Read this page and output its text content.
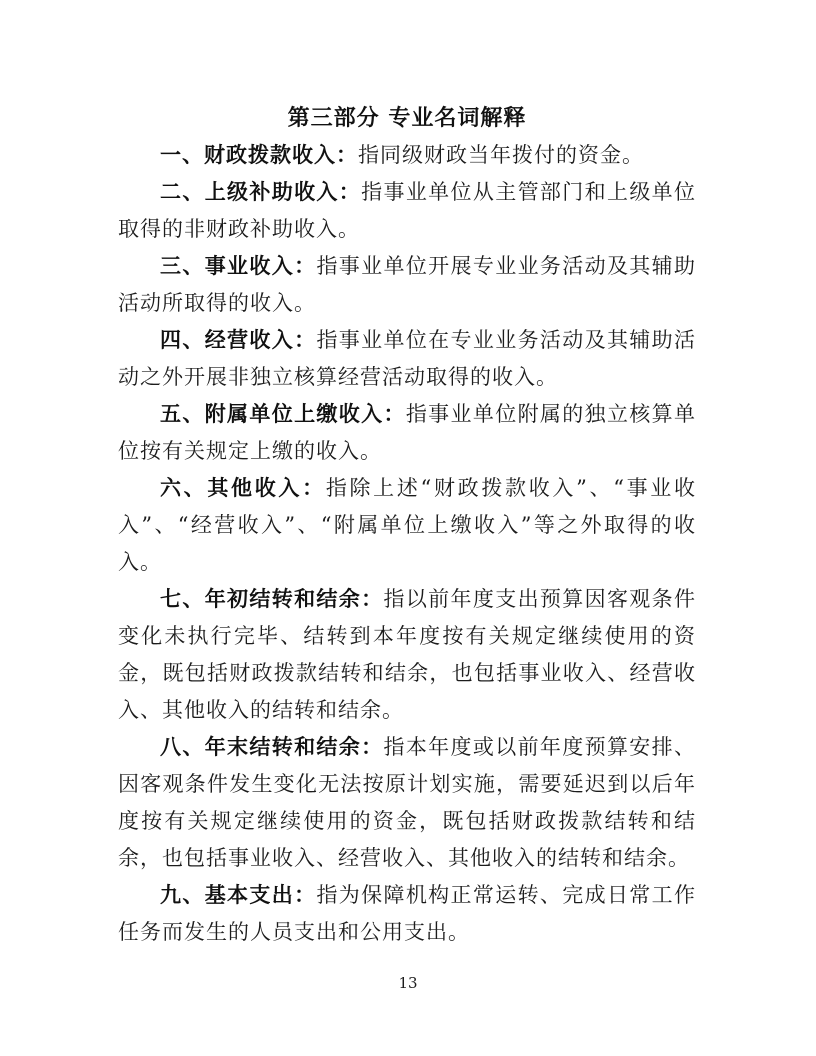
第三部分 专业名词解释

一、财政拨款收入：指同级财政当年拨付的资金。

二、上级补助收入：指事业单位从主管部门和上级单位取得的非财政补助收入。

三、事业收入：指事业单位开展专业业务活动及其辅助活动所取得的收入。

四、经营收入：指事业单位在专业业务活动及其辅助活动之外开展非独立核算经营活动取得的收入。

五、附属单位上缴收入：指事业单位附属的独立核算单位按有关规定上缴的收入。

六、其他收入：指除上述“财政拨款收入”、“事业收入”、“经营收入”、“附属单位上缴收入”等之外取得的收入。

七、年初结转和结余：指以前年度支出预算因客观条件变化未执行完毕、结转到本年度按有关规定继续使用的资金，既包括财政拨款结转和结余，也包括事业收入、经营收入、其他收入的结转和结余。

八、年末结转和结余：指本年度或以前年度预算安排、因客观条件发生变化无法按原计划实施，需要延迟到以后年度按有关规定继续使用的资金，既包括财政拨款结转和结余，也包括事业收入、经营收入、其他收入的结转和结余。

九、基本支出：指为保障机构正常运转、完成日常工作任务而发生的人员支出和公用支出。

13
